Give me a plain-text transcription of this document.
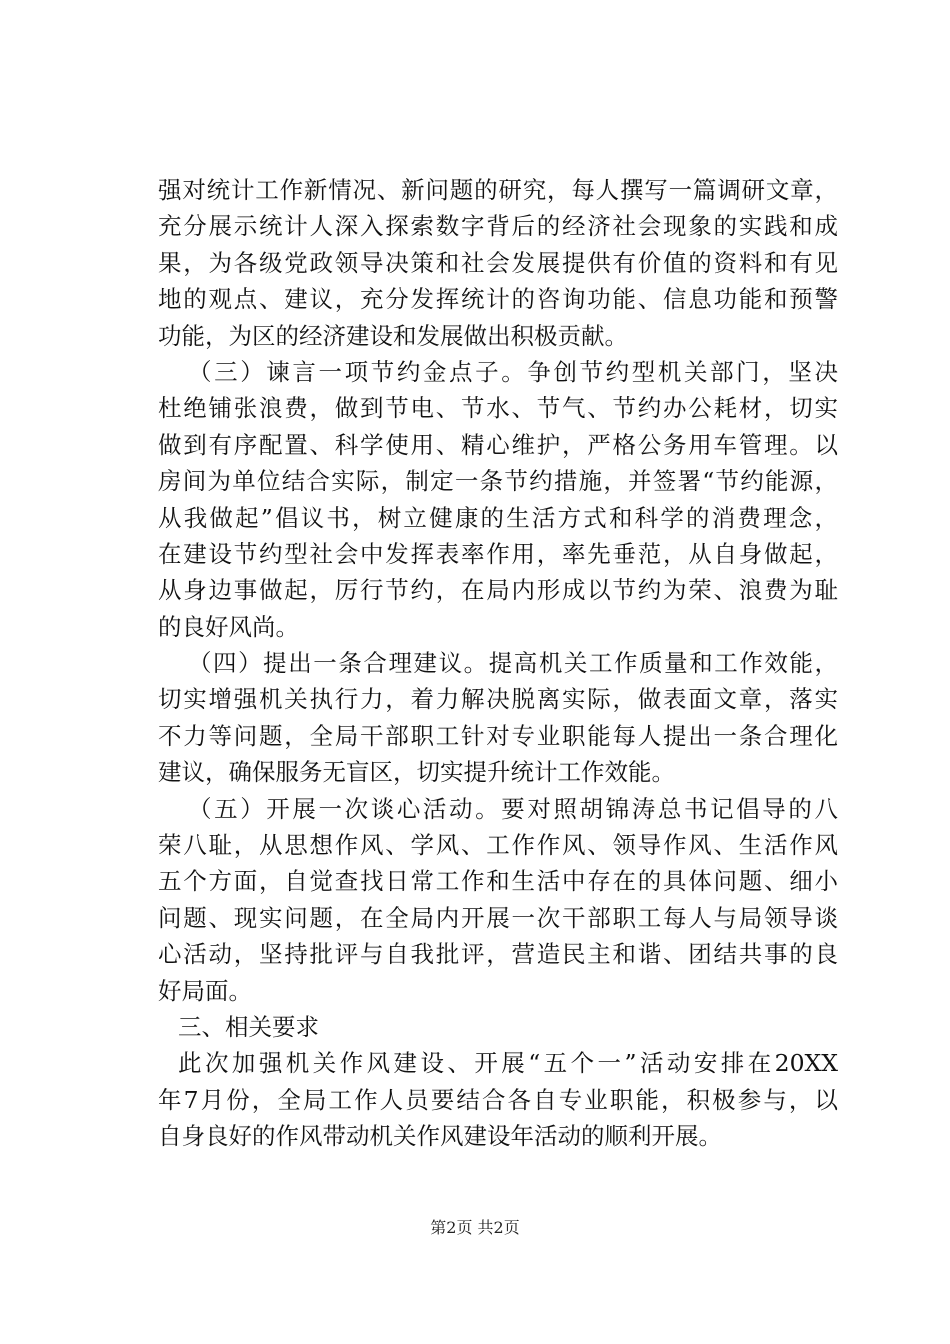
强对统计工作新情况、新问题的研究，每人撰写一篇调研文章，
充分展示统计人深入探索数字背后的经济社会现象的实践和成
果，为各级党政领导决策和社会发展提供有价值的资料和有见
地的观点、建议，充分发挥统计的咨询功能、信息功能和预警
功能，为区的经济建设和发展做出积极贡献。
（三）谏言一项节约金点子。争创节约型机关部门，坚决
杜绝铺张浪费，做到节电、节水、节气、节约办公耗材，切实
做到有序配置、科学使用、精心维护，严格公务用车管理。以
房间为单位结合实际，制定一条节约措施，并签署“节约能源，
从我做起”倡议书，树立健康的生活方式和科学的消费理念，
在建设节约型社会中发挥表率作用，率先垂范，从自身做起，
从身边事做起，厉行节约，在局内形成以节约为荣、浪费为耻
的良好风尚。
（四）提出一条合理建议。提高机关工作质量和工作效能，
切实增强机关执行力，着力解决脱离实际，做表面文章，落实
不力等问题，全局干部职工针对专业职能每人提出一条合理化
建议，确保服务无盲区，切实提升统计工作效能。
（五）开展一次谈心活动。要对照胡锦涛总书记倡导的八
荣八耻，从思想作风、学风、工作作风、领导作风、生活作风
五个方面，自觉查找日常工作和生活中存在的具体问题、细小
问题、现实问题，在全局内开展一次干部职工每人与局领导谈
心活动，坚持批评与自我批评，营造民主和谐、团结共事的良
好局面。
三、相关要求
此次加强机关作风建设、开展“五个一”活动安排在20XX
年7月份，全局工作人员要结合各自专业职能，积极参与，以
自身良好的作风带动机关作风建设年活动的顺利开展。
第2页 共2页
